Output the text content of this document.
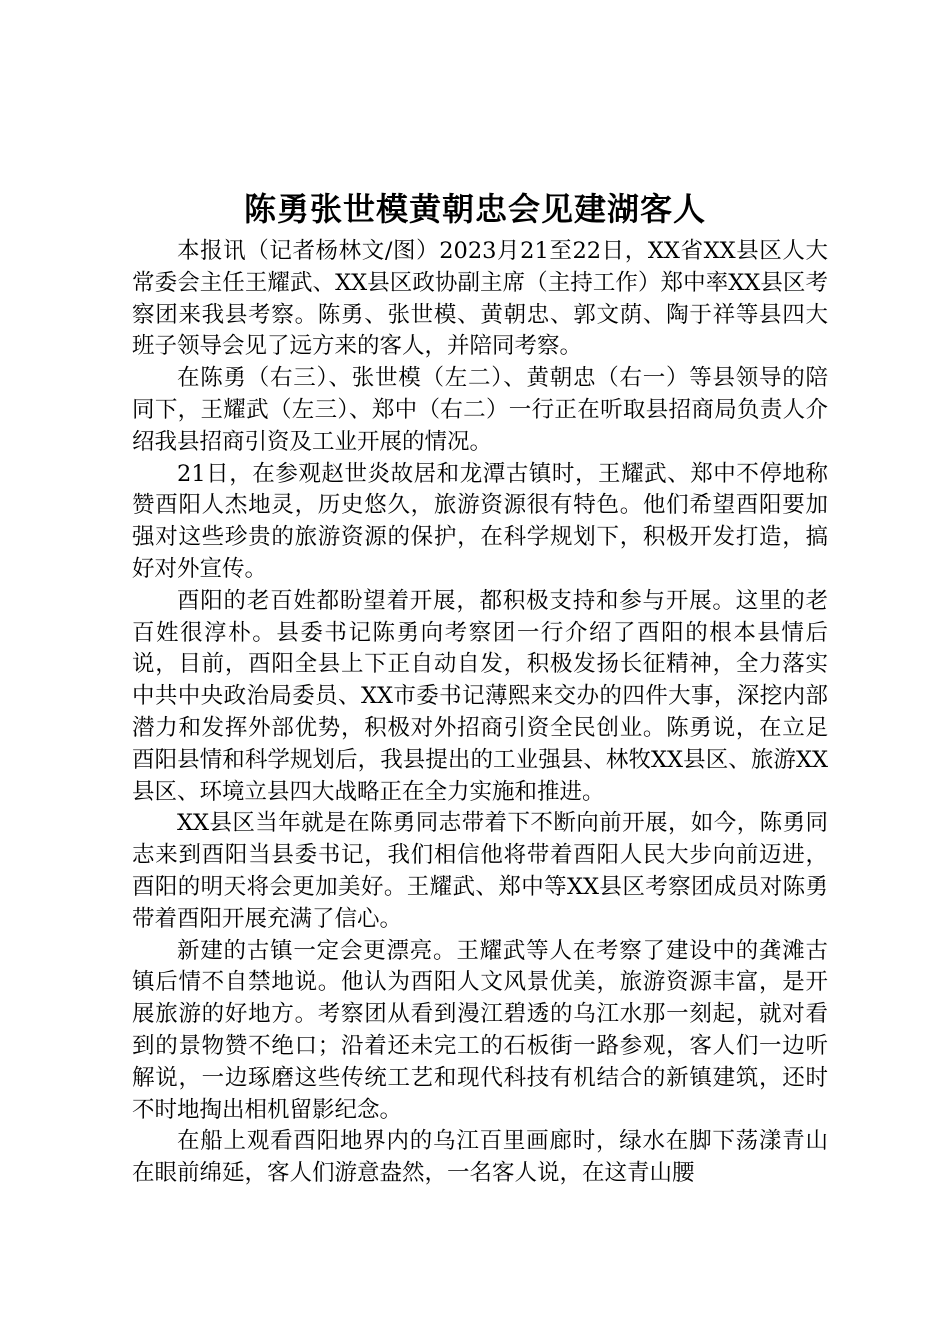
陈勇张世模黄朝忠会见建湖客人

本报讯（记者杨林文/图）2023月21至22日，XX省XX县区人大常委会主任王耀武、XX县区政协副主席（主持工作）郑中率XX县区考察团来我县考察。陈勇、张世模、黄朝忠、郭文荫、陶于祥等县四大班子领导会见了远方来的客人，并陪同考察。

在陈勇（右三）、张世模（左二）、黄朝忠（右一）等县领导的陪同下，王耀武（左三）、郑中（右二）一行正在听取县招商局负责人介绍我县招商引资及工业开展的情况。

21日，在参观赵世炎故居和龙潭古镇时，王耀武、郑中不停地称赞酉阳人杰地灵，历史悠久，旅游资源很有特色。他们希望酉阳要加强对这些珍贵的旅游资源的保护，在科学规划下，积极开发打造，搞好对外宣传。

酉阳的老百姓都盼望着开展，都积极支持和参与开展。这里的老百姓很淳朴。县委书记陈勇向考察团一行介绍了酉阳的根本县情后说，目前，酉阳全县上下正自动自发，积极发扬长征精神，全力落实中共中央政治局委员、XX市委书记薄熙来交办的四件大事，深挖内部潜力和发挥外部优势，积极对外招商引资全民创业。陈勇说，在立足酉阳县情和科学规划后，我县提出的工业强县、林牧XX县区、旅游XX县区、环境立县四大战略正在全力实施和推进。

XX县区当年就是在陈勇同志带着下不断向前开展，如今，陈勇同志来到酉阳当县委书记，我们相信他将带着酉阳人民大步向前迈进，酉阳的明天将会更加美好。王耀武、郑中等XX县区考察团成员对陈勇带着酉阳开展充满了信心。

新建的古镇一定会更漂亮。王耀武等人在考察了建设中的龚滩古镇后情不自禁地说。他认为酉阳人文风景优美，旅游资源丰富，是开展旅游的好地方。考察团从看到漫江碧透的乌江水那一刻起，就对看到的景物赞不绝口；沿着还未完工的石板街一路参观，客人们一边听解说，一边琢磨这些传统工艺和现代科技有机结合的新镇建筑，还时不时地掏出相机留影纪念。

在船上观看酉阳地界内的乌江百里画廊时，绿水在脚下荡漾青山在眼前绵延，客人们游意盎然，一名客人说，在这青山腰
